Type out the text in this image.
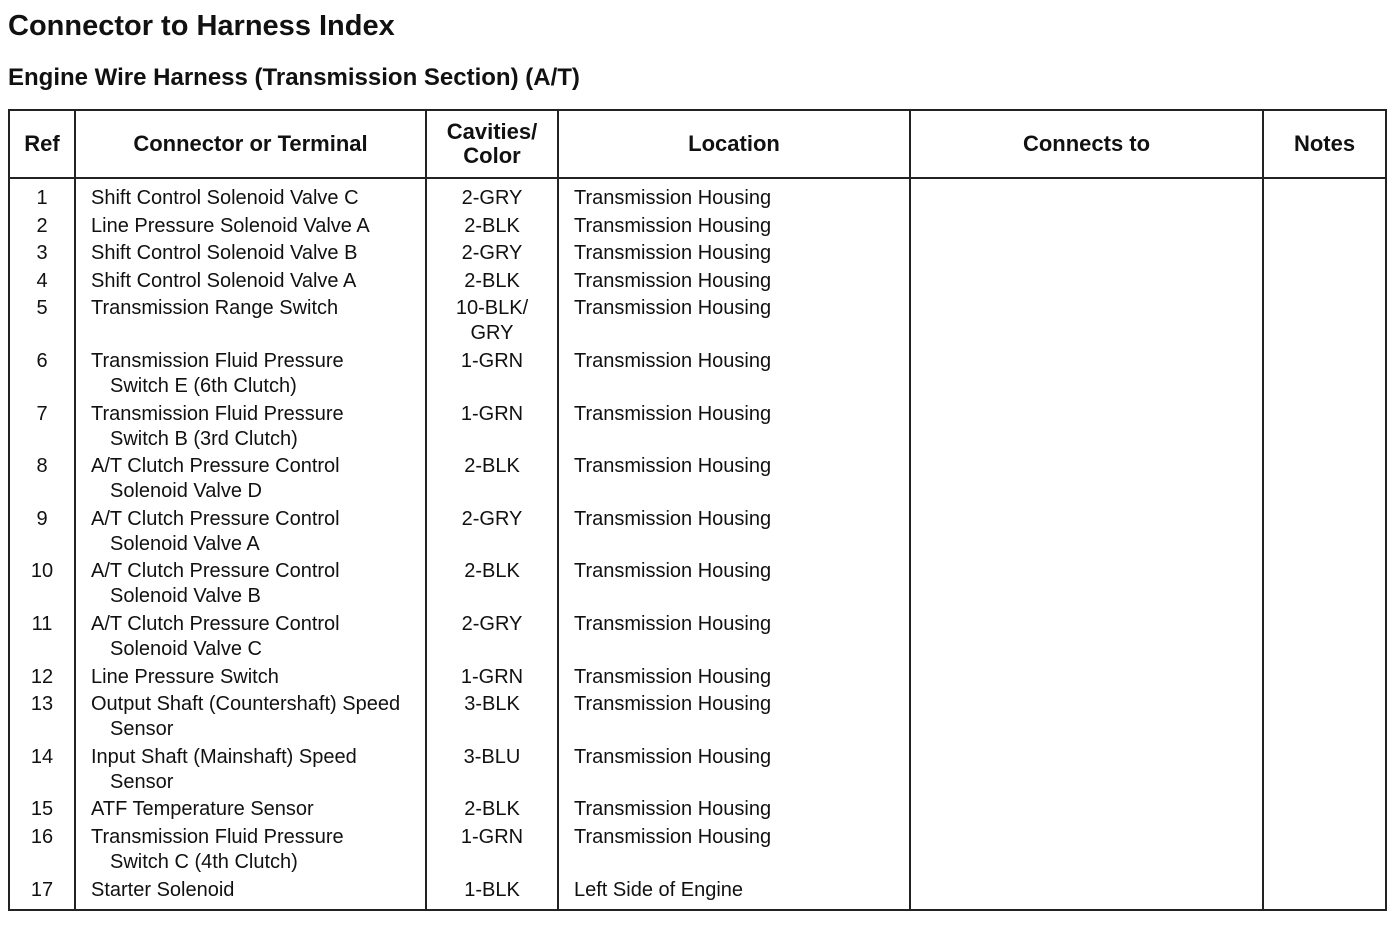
Connector to Harness Index
Engine Wire Harness (Transmission Section) (A/T)
Ref	Connector or Terminal	Cavities/
Color	Location	Connects to	Notes
1	Shift Control Solenoid Valve C	2-GRY	Transmission Housing		
2	Line Pressure Solenoid Valve A	2-BLK	Transmission Housing		
3	Shift Control Solenoid Valve B	2-GRY	Transmission Housing		
4	Shift Control Solenoid Valve A	2-BLK	Transmission Housing		
5	Transmission Range Switch	10-BLK/
GRY	Transmission Housing		
6	Transmission Fluid Pressure
Switch E (6th Clutch)	1-GRN	Transmission Housing		
7	Transmission Fluid Pressure
Switch B (3rd Clutch)	1-GRN	Transmission Housing		
8	A/T Clutch Pressure Control
Solenoid Valve D	2-BLK	Transmission Housing		
9	A/T Clutch Pressure Control
Solenoid Valve A	2-GRY	Transmission Housing		
10	A/T Clutch Pressure Control
Solenoid Valve B	2-BLK	Transmission Housing		
11	A/T Clutch Pressure Control
Solenoid Valve C	2-GRY	Transmission Housing		
12	Line Pressure Switch	1-GRN	Transmission Housing		
13	Output Shaft (Countershaft) Speed
Sensor	3-BLK	Transmission Housing		
14	Input Shaft (Mainshaft) Speed
Sensor	3-BLU	Transmission Housing		
15	ATF Temperature Sensor	2-BLK	Transmission Housing		
16	Transmission Fluid Pressure
Switch C (4th Clutch)	1-GRN	Transmission Housing		
17	Starter Solenoid	1-BLK	Left Side of Engine		
